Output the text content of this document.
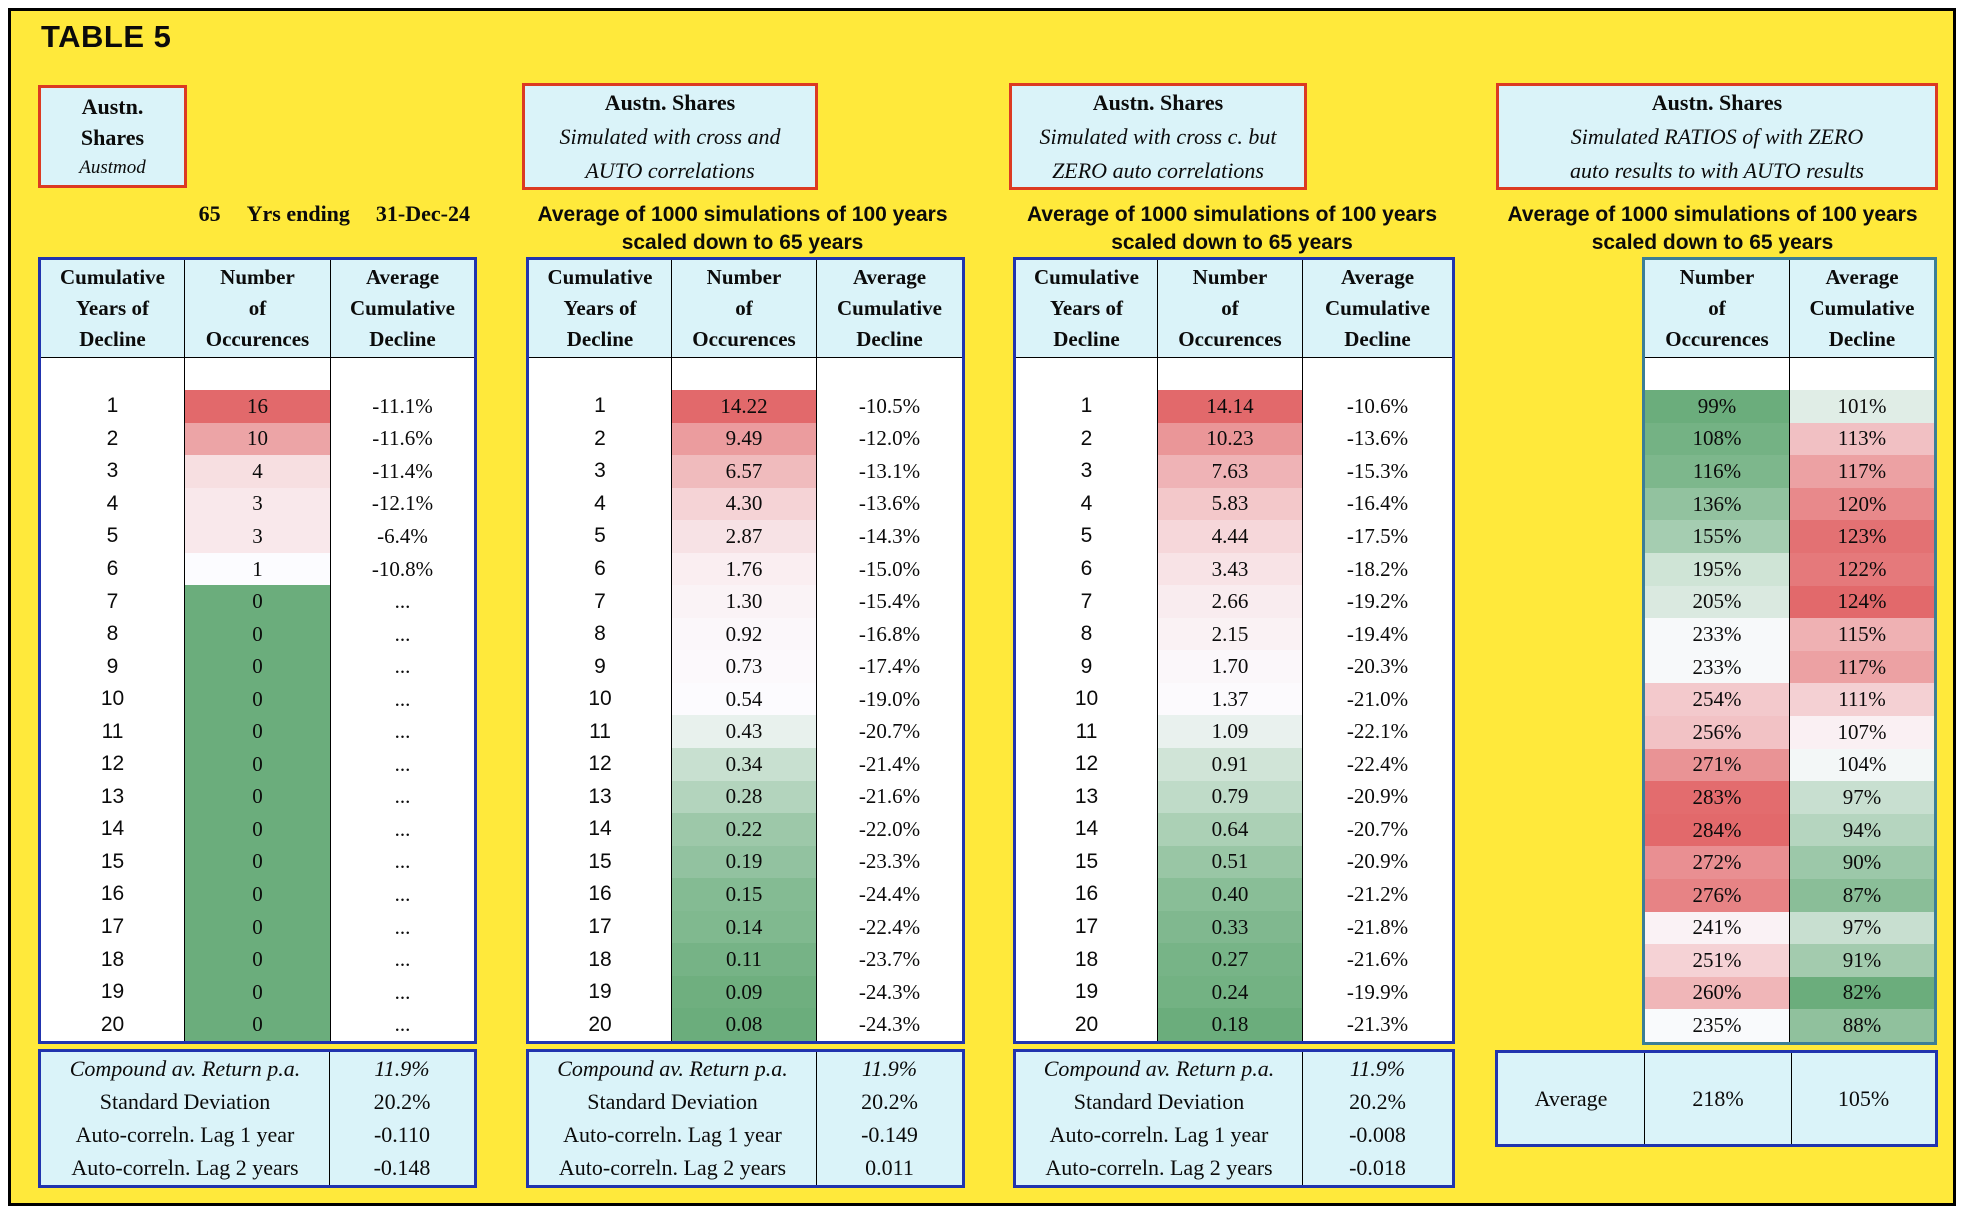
TABLE 5
Austn.
Shares
Austmod
65 Yrs ending 31-Dec-24
Cumulative
Years of
Decline
Number
of
Occurences
Average
Cumulative
Decline
1	16	-11.1%
2	10	-11.6%
3	4	-11.4%
4	3	-12.1%
5	3	-6.4%
6	1	-10.8%
7	0	...
8	0	...
9	0	...
10	0	...
11	0	...
12	0	...
13	0	...
14	0	...
15	0	...
16	0	...
17	0	...
18	0	...
19	0	...
20	0	...
Compound av. Return p.a.	11.9%
Standard Deviation	20.2%
Auto-correln. Lag 1 year	-0.110
Auto-correln. Lag 2 years	-0.148
Austn. Shares
Simulated with cross and
AUTO correlations
Average of 1000 simulations of 100 years
scaled down to 65 years
Cumulative
Years of
Decline
Number
of
Occurences
Average
Cumulative
Decline
1	14.22	-10.5%
2	9.49	-12.0%
3	6.57	-13.1%
4	4.30	-13.6%
5	2.87	-14.3%
6	1.76	-15.0%
7	1.30	-15.4%
8	0.92	-16.8%
9	0.73	-17.4%
10	0.54	-19.0%
11	0.43	-20.7%
12	0.34	-21.4%
13	0.28	-21.6%
14	0.22	-22.0%
15	0.19	-23.3%
16	0.15	-24.4%
17	0.14	-22.4%
18	0.11	-23.7%
19	0.09	-24.3%
20	0.08	-24.3%
Compound av. Return p.a.	11.9%
Standard Deviation	20.2%
Auto-correln. Lag 1 year	-0.149
Auto-correln. Lag 2 years	0.011
Austn. Shares
Simulated with cross c. but
ZERO auto correlations
Average of 1000 simulations of 100 years
scaled down to 65 years
Cumulative
Years of
Decline
Number
of
Occurences
Average
Cumulative
Decline
1	14.14	-10.6%
2	10.23	-13.6%
3	7.63	-15.3%
4	5.83	-16.4%
5	4.44	-17.5%
6	3.43	-18.2%
7	2.66	-19.2%
8	2.15	-19.4%
9	1.70	-20.3%
10	1.37	-21.0%
11	1.09	-22.1%
12	0.91	-22.4%
13	0.79	-20.9%
14	0.64	-20.7%
15	0.51	-20.9%
16	0.40	-21.2%
17	0.33	-21.8%
18	0.27	-21.6%
19	0.24	-19.9%
20	0.18	-21.3%
Compound av. Return p.a.	11.9%
Standard Deviation	20.2%
Auto-correln. Lag 1 year	-0.008
Auto-correln. Lag 2 years	-0.018
Austn. Shares
Simulated RATIOS of with ZERO
auto results to with AUTO results
Average of 1000 simulations of 100 years
scaled down to 65 years
Number
of
Occurences
Average
Cumulative
Decline
99%	101%
108%	113%
116%	117%
136%	120%
155%	123%
195%	122%
205%	124%
233%	115%
233%	117%
254%	111%
256%	107%
271%	104%
283%	97%
284%	94%
272%	90%
276%	87%
241%	97%
251%	91%
260%	82%
235%	88%
Average	218%	105%
